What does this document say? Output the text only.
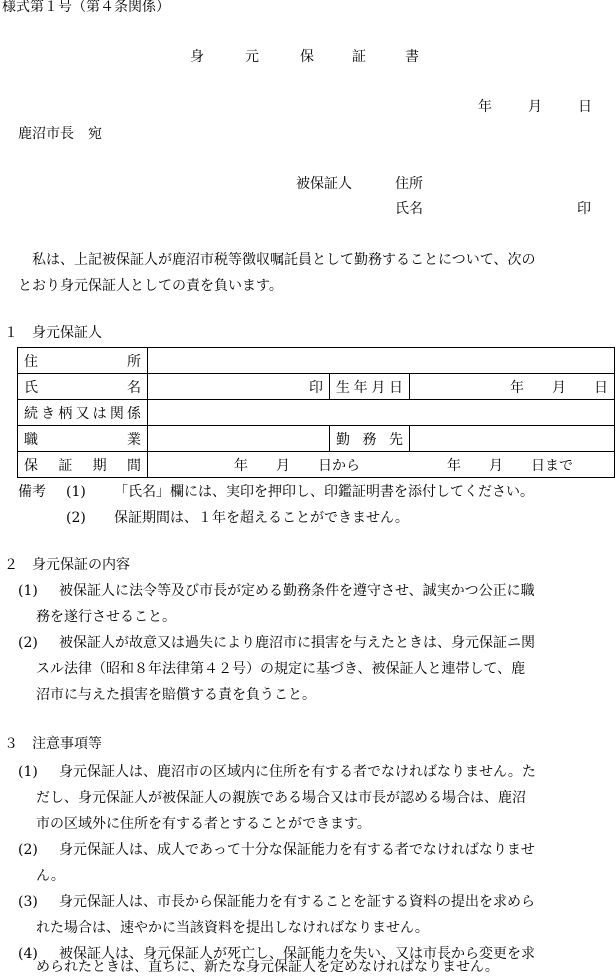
様式第１号（第４条関係）
身	元	保	証	書
年	月	日
鹿沼市長　宛
被保証人	住所
氏名	印
私は、上記被保証人が鹿沼市税等徴収嘱託員として勤務することについて、次の
とおり身元保証人としての責を負います。
１　身元保証人
住　　所			
氏　　名	印	生年月日	年　　月　　日
続き柄又は関係			
職　　業		勤務先	
保証期間	年　　月　　日から 年　　月　　日まで		
備考 (1) 「氏名」欄には、実印を押印し、印鑑証明書を添付してください。
(2) 保証期間は、１年を超えることができません。
２　身元保証の内容
(1) 被保証人に法令等及び市長が定める勤務条件を遵守させ、誠実かつ公正に職
務を遂行させること。
(2) 被保証人が故意又は過失により鹿沼市に損害を与えたときは、身元保証ニ関
スル法律（昭和８年法律第４２号）の規定に基づき、被保証人と連帯して、鹿
沼市に与えた損害を賠償する責を負うこと。
３　注意事項等
(1) 身元保証人は、鹿沼市の区域内に住所を有する者でなければなりません。た
だし、身元保証人が被保証人の親族である場合又は市長が認める場合は、鹿沼
市の区域外に住所を有する者とすることができます。
(2) 身元保証人は、成人であって十分な保証能力を有する者でなければなりませ
ん。
(3) 身元保証人は、市長から保証能力を有することを証する資料の提出を求めら
れた場合は、速やかに当該資料を提出しなければなりません。
(4) 被保証人は、身元保証人が死亡し、保証能力を失い、又は市長から変更を求
められたときは、直ちに、新たな身元保証人を定めなければなりません。
